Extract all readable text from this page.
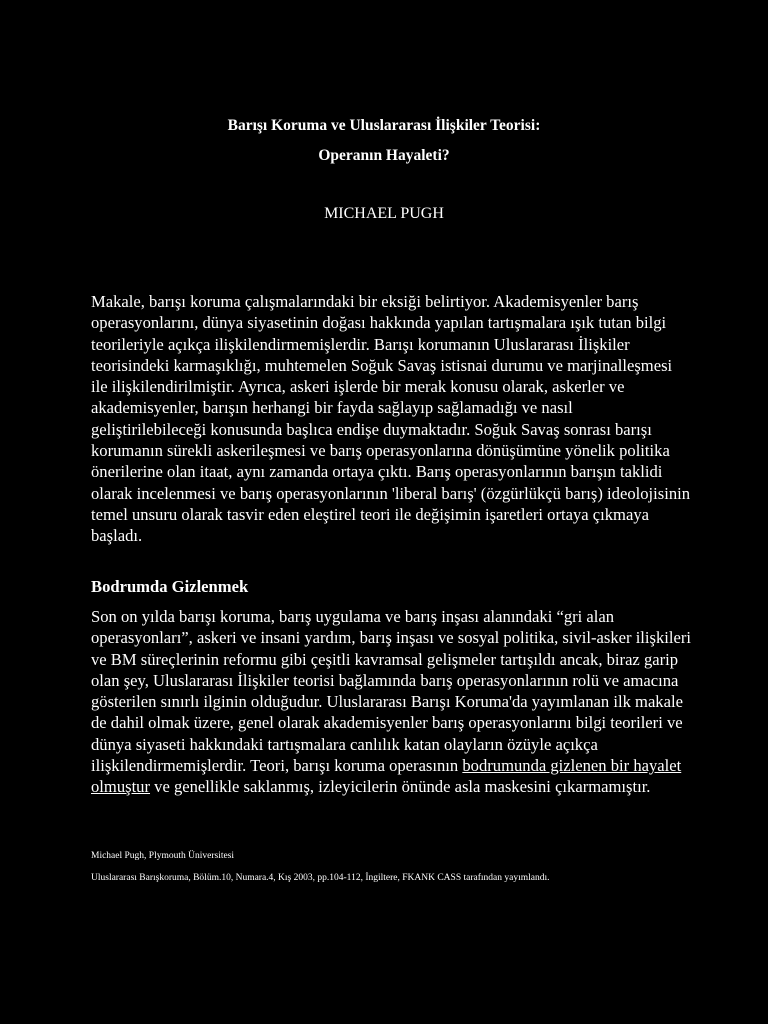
Barışı Koruma ve Uluslararası İlişkiler Teorisi:
Operanın Hayaleti?
MICHAEL PUGH
Makale, barışı koruma çalışmalarındaki bir eksiği belirtiyor. Akademisyenler barış operasyonlarını, dünya siyasetinin doğası hakkında yapılan tartışmalara ışık tutan bilgi teorileriyle açıkça ilişkilendirmemişlerdir. Barışı korumanın Uluslararası İlişkiler teorisindeki karmaşıklığı, muhtemelen Soğuk Savaş istisnai durumu ve marjinalleşmesi ile ilişkilendirilmiştir. Ayrıca, askeri işlerde bir merak konusu olarak, askerler ve akademisyenler, barışın herhangi bir fayda sağlayıp sağlamadığı ve nasıl geliştirilebileceği konusunda başlıca endişe duymaktadır. Soğuk Savaş sonrası barışı korumanın sürekli askerileşmesi ve barış operasyonlarına dönüşümüne yönelik politika önerilerine olan itaat, aynı zamanda ortaya çıktı. Barış operasyonlarının barışın taklidi olarak incelenmesi ve barış operasyonlarının 'liberal barış' (özgürlükçü barış) ideolojisinin temel unsuru olarak tasvir eden eleştirel teori ile değişimin işaretleri ortaya çıkmaya başladı.
Bodrumda Gizlenmek
Son on yılda barışı koruma, barış uygulama ve barış inşası alanındaki “gri alan operasyonları”, askeri ve insani yardım, barış inşası ve sosyal politika, sivil-asker ilişkileri ve BM süreçlerinin reformu gibi çeşitli kavramsal gelişmeler tartışıldı ancak, biraz garip olan şey, Uluslararası İlişkiler teorisi bağlamında barış operasyonlarının rolü ve amacına gösterilen sınırlı ilginin olduğudur. Uluslararası Barışı Koruma'da yayımlanan ilk makale de dahil olmak üzere, genel olarak akademisyenler barış operasyonlarını bilgi teorileri ve dünya siyaseti hakkındaki tartışmalara canlılık katan olayların özüyle açıkça ilişkilendirmemişlerdir. Teori, barışı koruma operasının bodrumunda gizlenen bir hayalet olmuştur ve genellikle saklanmış, izleyicilerin önünde asla maskesini çıkarmamıştır.
Michael Pugh, Plymouth Üniversitesi
Uluslararası Barışkoruma, Bölüm.10, Numara.4, Kış 2003, pp.104-112, İngiltere, FKANK CASS tarafından yayımlandı.
